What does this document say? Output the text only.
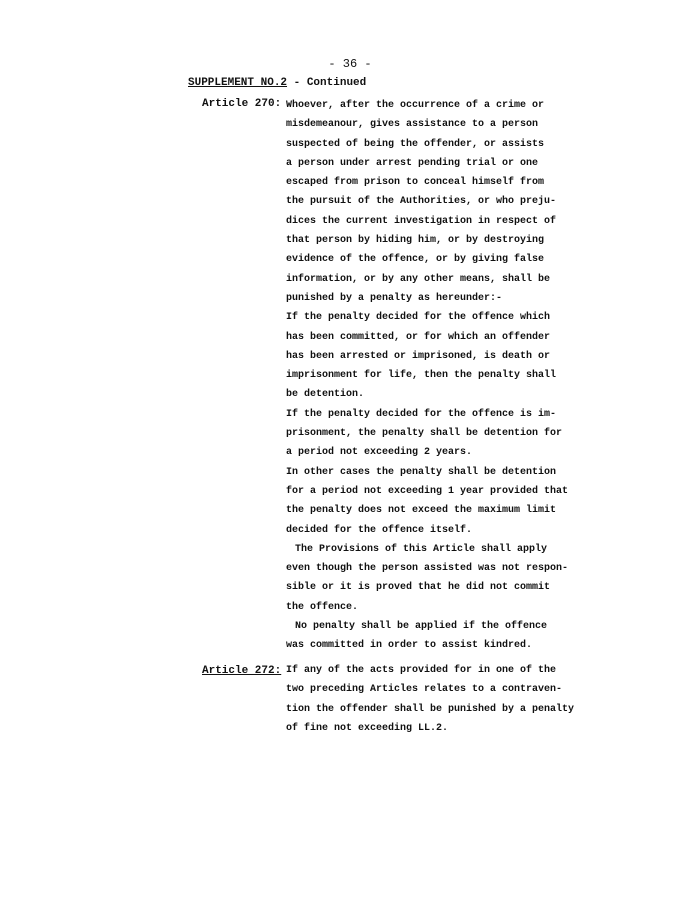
- 36 -
SUPPLEMENT NO.2 - Continued
Article 270: Whoever, after the occurrence of a crime or
misdemeanour, gives assistance to a person
suspected of being the offender, or assists
a person under arrest pending trial or one
escaped from prison to conceal himself from
the pursuit of the Authorities, or who preju-
dices the current investigation in respect of
that person by hiding him, or by destroying
evidence of the offence, or by giving false
information, or by any other means, shall be
punished by a penalty as hereunder:-
If the penalty decided for the offence which
has been committed, or for which an offender
has been arrested or imprisoned, is death or
imprisonment for life, then the penalty shall
be detention.
If the penalty decided for the offence is im-
prisonment, the penalty shall be detention for
a period not exceeding 2 years.
In other cases the penalty shall be detention
for a period not exceeding 1 year provided that
the penalty does not exceed the maximum limit
decided for the offence itself.
The Provisions of this Article shall apply
even though the person assisted was not respon-
sible or it is proved that he did not commit
the offence.
No penalty shall be applied if the offence
was committed in order to assist kindred.
Article 272: If any of the acts provided for in one of the
two preceding Articles relates to a contraven-
tion the offender shall be punished by a penalty
of fine not exceeding LL.2.
